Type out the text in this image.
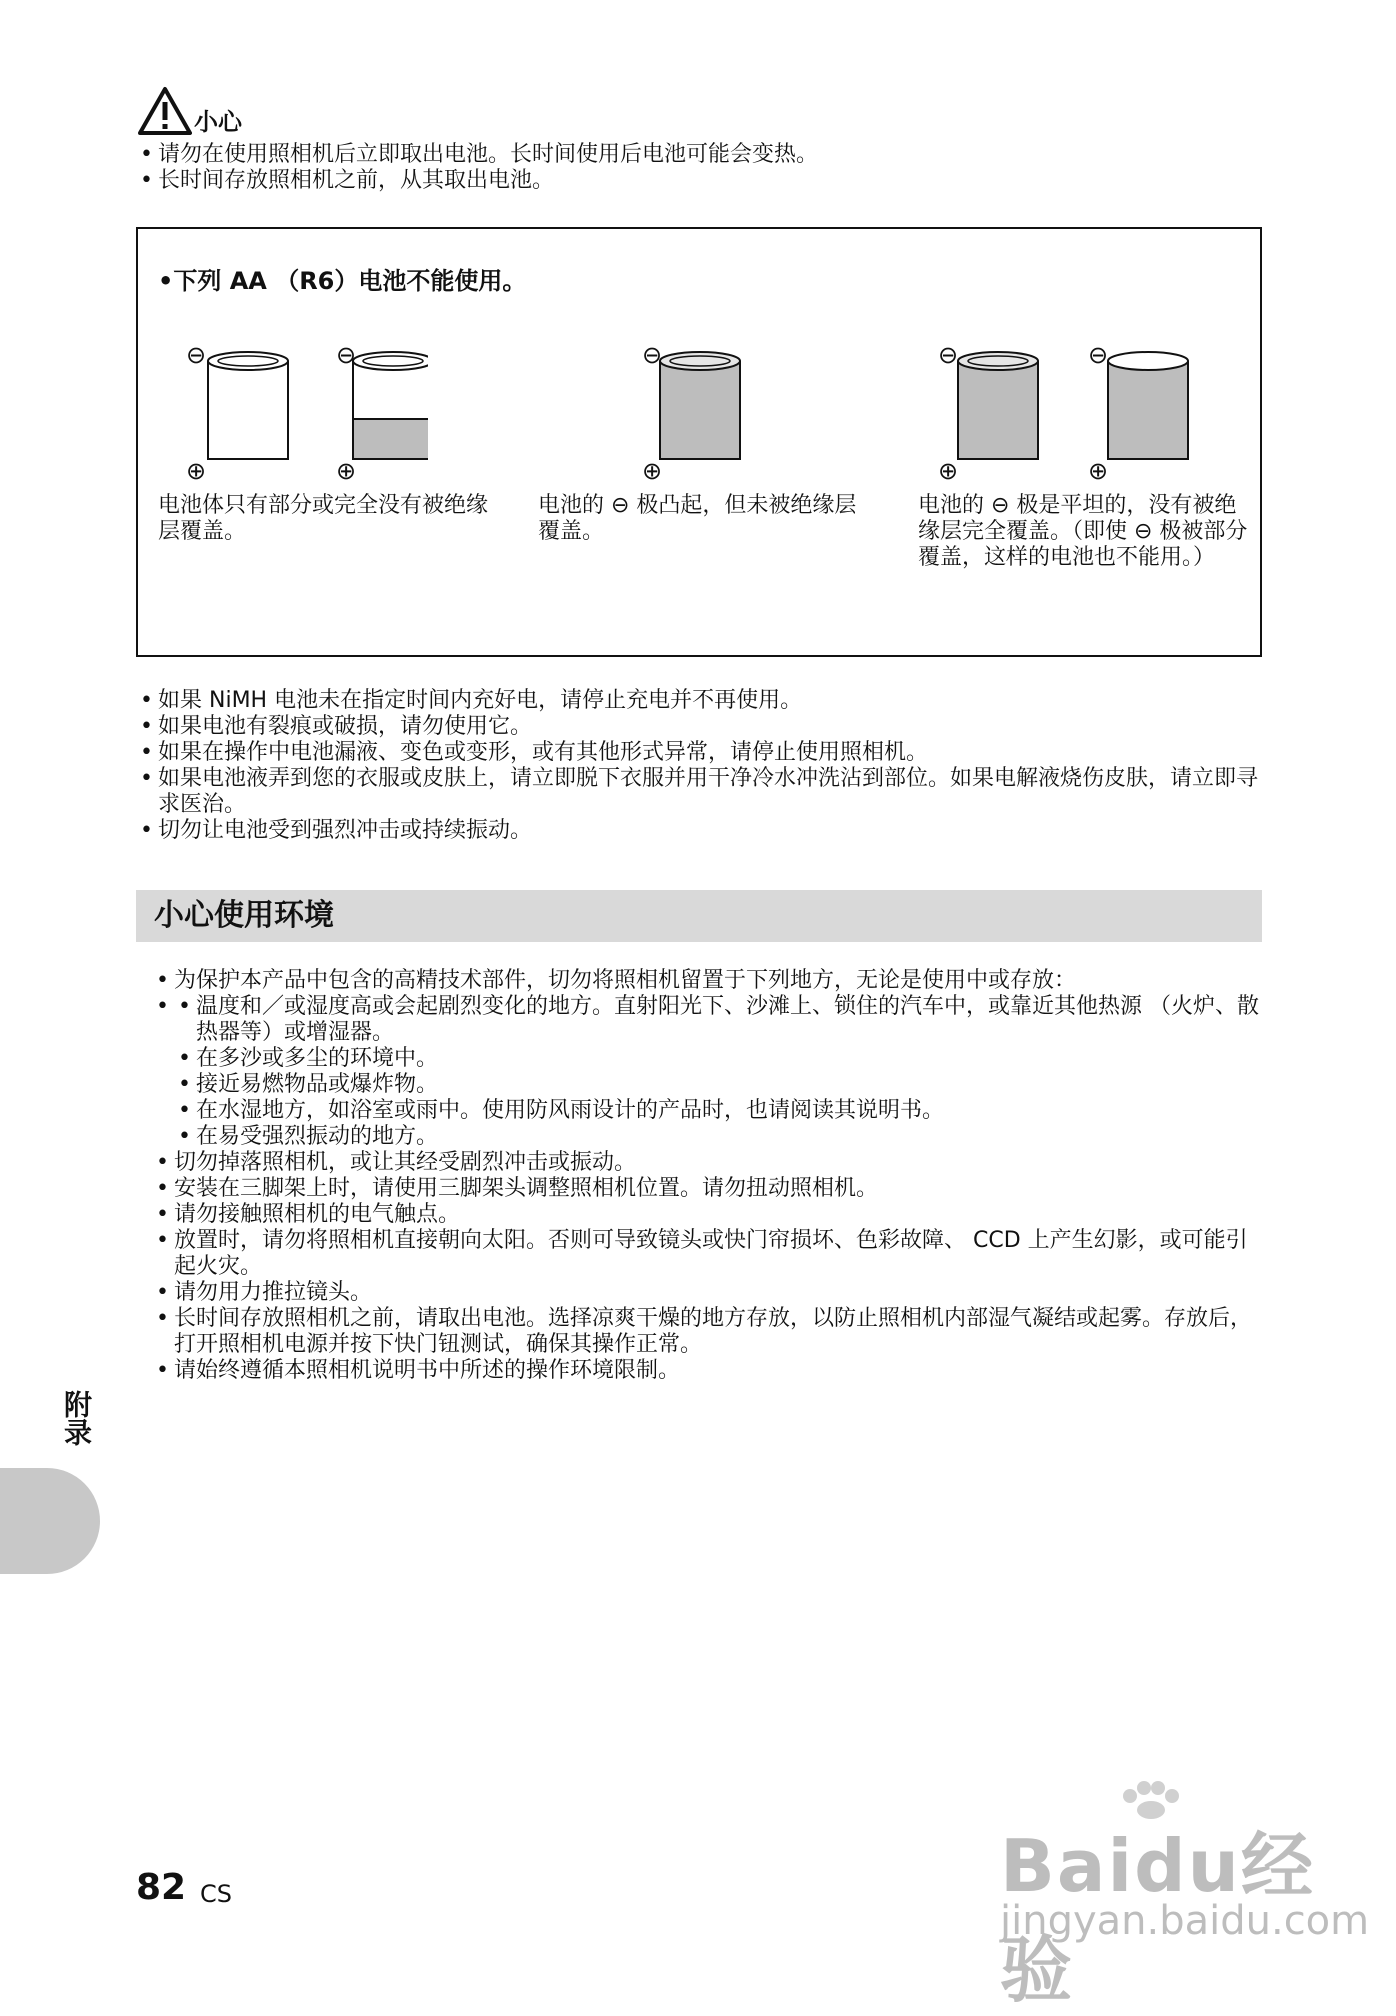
小心
• 请勿在使用照相机后立即取出电池。长时间使用后电池可能会变热。
• 长时间存放照相机之前，从其取出电池。
•下列 AA （R6）电池不能使用。
⊖
⊕
⊖
⊕
电池体只有部分或完全没有被绝缘层覆盖。
⊖
⊕
电池的 ⊖ 极凸起，但未被绝缘层覆盖。
⊖
⊕
⊖
⊕
电池的 ⊖ 极是平坦的，没有被绝缘层完全覆盖。（即使 ⊖ 极被部分覆盖，这样的电池也不能用。）
• 如果 NiMH 电池未在指定时间内充好电，请停止充电并不再使用。
• 如果电池有裂痕或破损，请勿使用它。
• 如果在操作中电池漏液、变色或变形，或有其他形式异常，请停止使用照相机。
• 如果电池液弄到您的衣服或皮肤上，请立即脱下衣服并用干净冷水冲洗沾到部位。如果电解液烧伤皮肤，请立即寻求医治。
• 切勿让电池受到强烈冲击或持续振动。
小心使用环境
• 为保护本产品中包含的高精技术部件，切勿将照相机留置于下列地方，无论是使用中或存放：
• • 温度和／或湿度高或会起剧烈变化的地方。直射阳光下、沙滩上、锁住的汽车中，或靠近其他热源 （火炉、散热器等）或增湿器。
• 在多沙或多尘的环境中。
• 接近易燃物品或爆炸物。
• 在水湿地方，如浴室或雨中。使用防风雨设计的产品时，也请阅读其说明书。
• 在易受强烈振动的地方。
• 切勿掉落照相机，或让其经受剧烈冲击或振动。
• 安装在三脚架上时，请使用三脚架头调整照相机位置。请勿扭动照相机。
• 请勿接触照相机的电气触点。
• 放置时，请勿将照相机直接朝向太阳。否则可导致镜头或快门帘损坏、色彩故障、 CCD 上产生幻影，或可能引起火灾。
• 请勿用力推拉镜头。
• 长时间存放照相机之前，请取出电池。选择凉爽干燥的地方存放，以防止照相机内部湿气凝结或起雾。存放后，打开照相机电源并按下快门钮测试，确保其操作正常。
• 请始终遵循本照相机说明书中所述的操作环境限制。
附录
82 CS	Baidu经验
jingyan.baidu.com
